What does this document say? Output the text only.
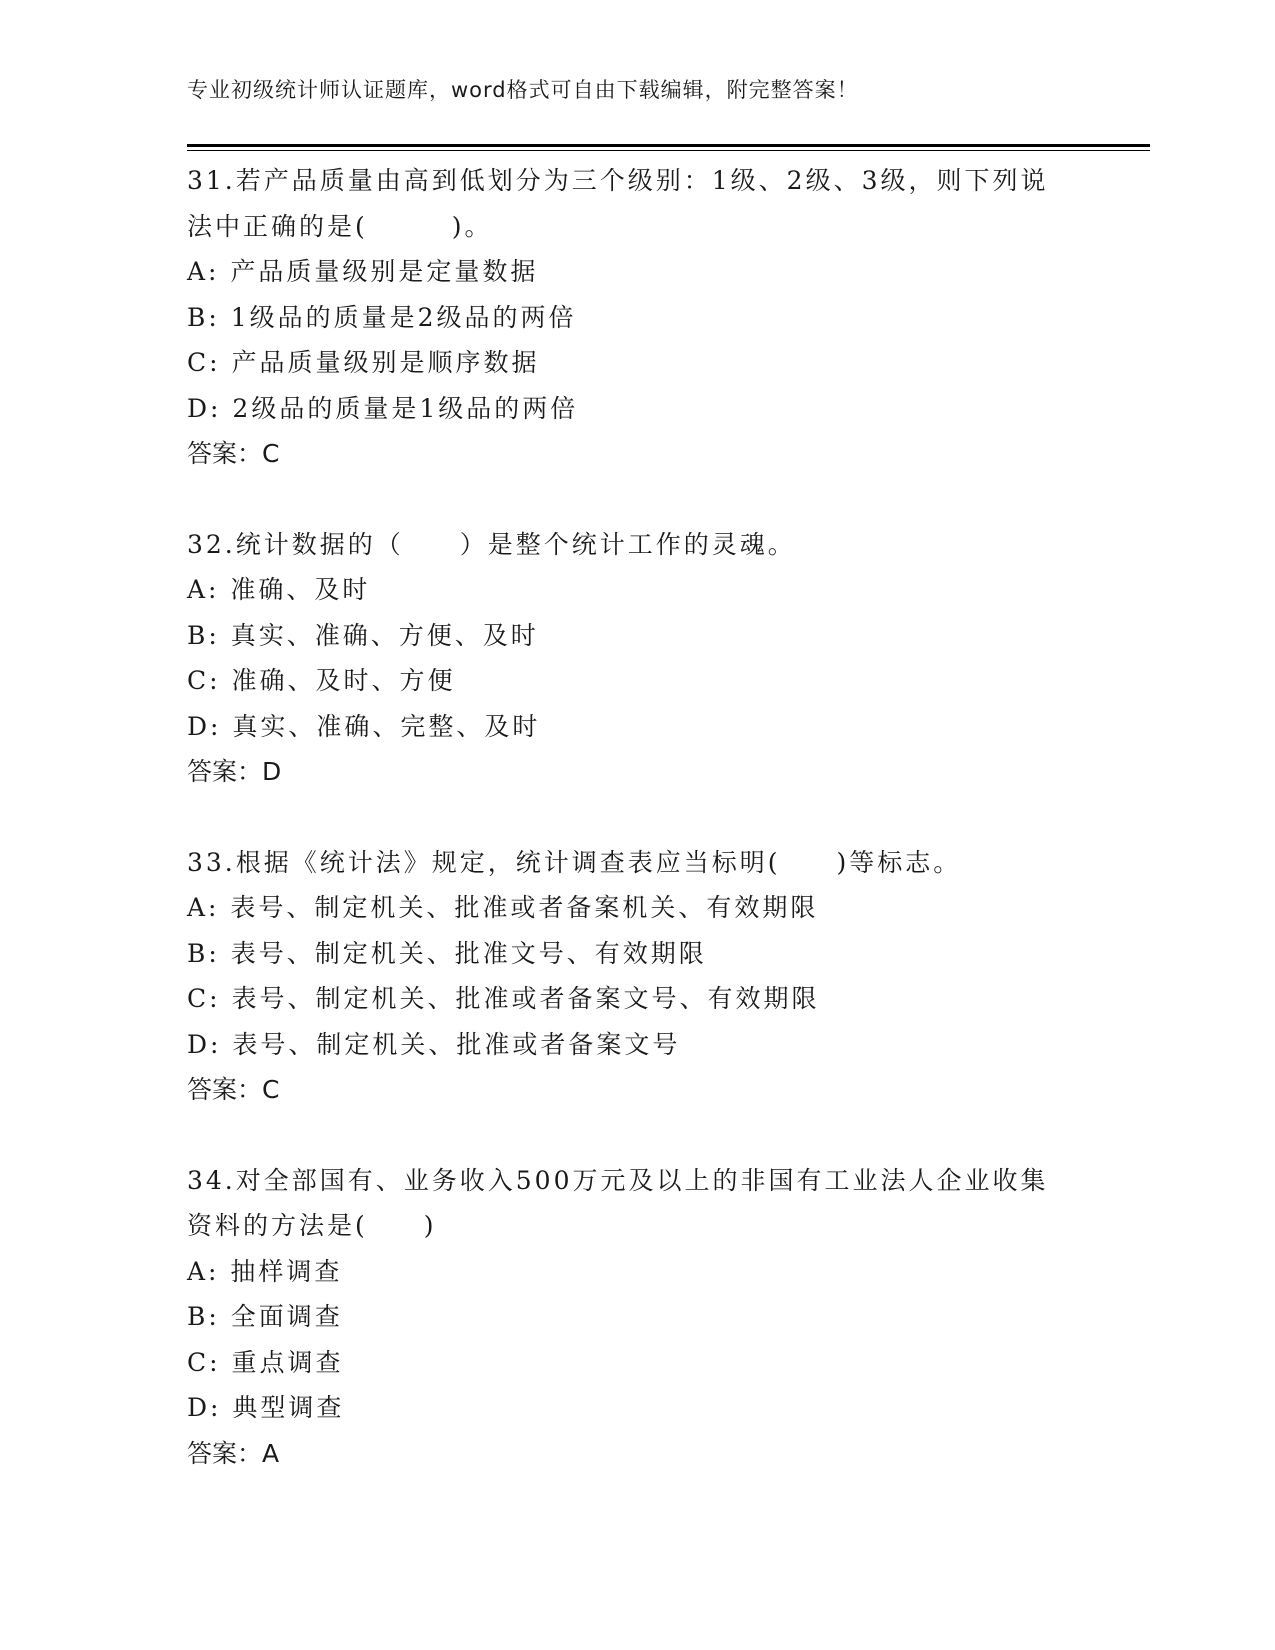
专业初级统计师认证题库，word格式可自由下载编辑，附完整答案！
31.若产品质量由高到低划分为三个级别：1级、2级、3级，则下列说
法中正确的是(　　　)。
A: 产品质量级别是定量数据
B: 1级品的质量是2级品的两倍
C: 产品质量级别是顺序数据
D: 2级品的质量是1级品的两倍
答案：C
32.统计数据的（　　）是整个统计工作的灵魂。
A: 准确、及时
B: 真实、准确、方便、及时
C: 准确、及时、方便
D: 真实、准确、完整、及时
答案：D
33.根据《统计法》规定，统计调查表应当标明(　　)等标志。
A: 表号、制定机关、批准或者备案机关、有效期限
B: 表号、制定机关、批准文号、有效期限
C: 表号、制定机关、批准或者备案文号、有效期限
D: 表号、制定机关、批准或者备案文号
答案：C
34.对全部国有、业务收入500万元及以上的非国有工业法人企业收集
资料的方法是(　　)
A: 抽样调查
B: 全面调查
C: 重点调查
D: 典型调查
答案：A
